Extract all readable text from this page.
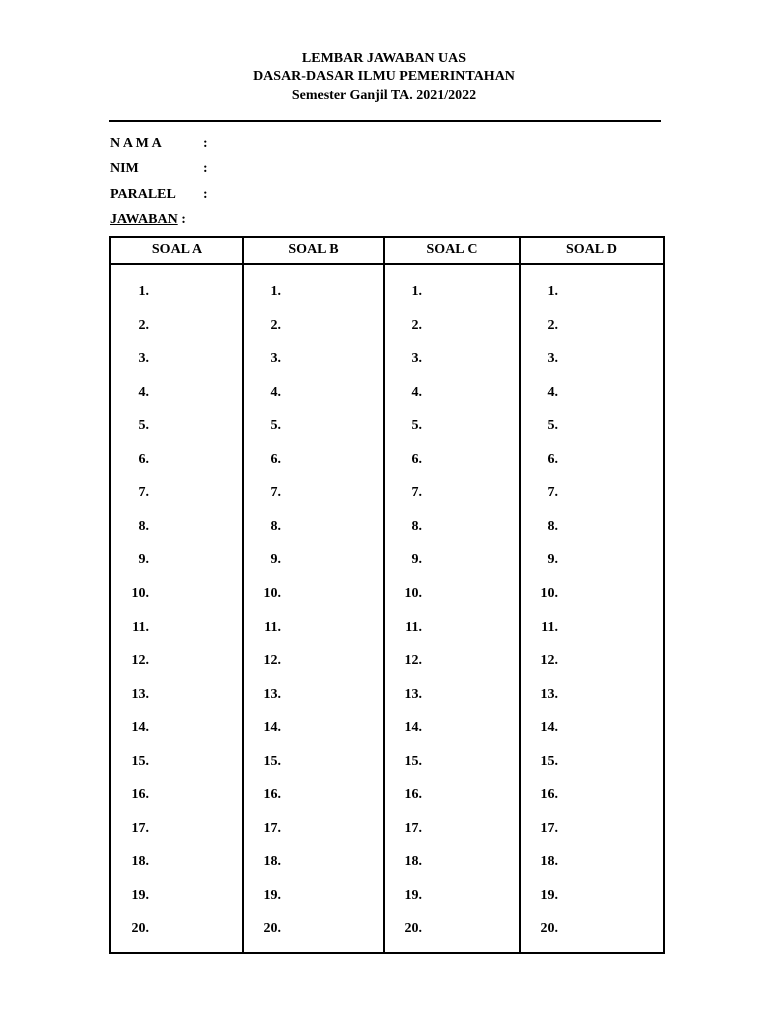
LEMBAR JAWABAN UAS
DASAR-DASAR ILMU PEMERINTAHAN
Semester Ganjil TA. 2021/2022
N A M A	:
NIM	:
PARALEL :
JAWABAN :
SOAL A
1.
2.
3.
4.
5.
6.
7.
8.
9.
10.
11.
12.
13.
14.
15.
16.
17.
18.
19.
20.
SOAL B
1.
2.
3.
4.
5.
6.
7.
8.
9.
10.
11.
12.
13.
14.
15.
16.
17.
18.
19.
20.
SOAL C
1.
2.
3.
4.
5.
6.
7.
8.
9.
10.
11.
12.
13.
14.
15.
16.
17.
18.
19.
20.
SOAL D
1.
2.
3.
4.
5.
6.
7.
8.
9.
10.
11.
12.
13.
14.
15.
16.
17.
18.
19.
20.
